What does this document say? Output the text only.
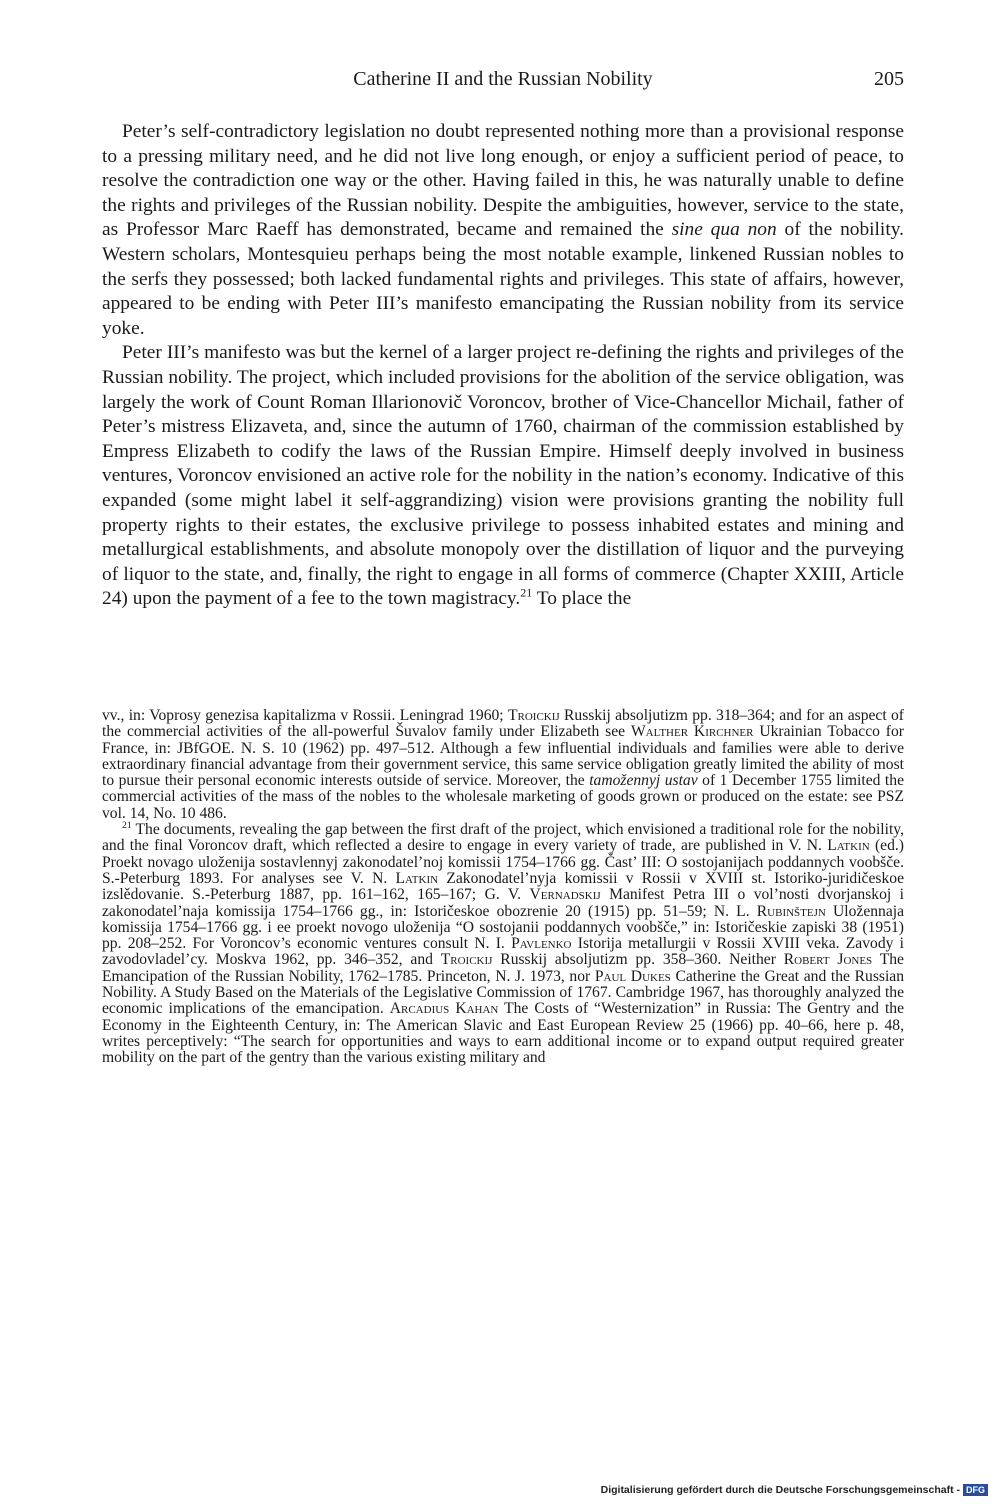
Catherine II and the Russian Nobility	205

Peter’s self-contradictory legislation no doubt represented nothing more than a provisional response to a pressing military need, and he did not live long enough, or enjoy a sufficient period of peace, to resolve the contradiction one way or the other. Having failed in this, he was naturally unable to define the rights and privileges of the Russian nobility. Despite the ambiguities, however, service to the state, as Professor Marc Raeff has demonstrated, became and remained the sine qua non of the nobility. Western scholars, Montesquieu perhaps being the most notable example, linkened Russian nobles to the serfs they possessed; both lacked fundamental rights and privileges. This state of affairs, however, appeared to be ending with Peter III’s manifesto emancipating the Russian nobility from its service yoke.

Peter III’s manifesto was but the kernel of a larger project re-defining the rights and privileges of the Russian nobility. The project, which included provisions for the abolition of the service obligation, was largely the work of Count Roman Illarionovič Voroncov, brother of Vice-Chancellor Michail, father of Peter’s mistress Elizaveta, and, since the autumn of 1760, chairman of the commission established by Empress Elizabeth to codify the laws of the Russian Empire. Himself deeply involved in business ventures, Voroncov envisioned an active role for the nobility in the nation’s economy. Indicative of this expanded (some might label it self-aggrandizing) vision were provisions granting the nobility full property rights to their estates, the exclusive privilege to possess inhabited estates and mining and metallurgical establishments, and absolute monopoly over the distillation of liquor and the purveying of liquor to the state, and, finally, the right to engage in all forms of commerce (Chapter XXIII, Article 24) upon the payment of a fee to the town magistracy.$^{21}$ To place the

vv., in: Voprosy genezisa kapitalizma v Rossii. Leningrad 1960; Troickij Russkij absoljutizm pp. 318–364; and for an aspect of the commercial activities of the all-powerful Šuvalov family under Elizabeth see Walther Kirchner Ukrainian Tobacco for France, in: JBfGOE. N. S. 10 (1962) pp. 497–512. Although a few influential individuals and families were able to derive extraordinary financial advantage from their government service, this same service obligation greatly limited the ability of most to pursue their personal economic interests outside of service. Moreover, the tamožennyj ustav of 1 December 1755 limited the commercial activities of the mass of the nobles to the wholesale marketing of goods grown or produced on the estate: see PSZ vol. 14, No. 10 486.

$^{21}$ The documents, revealing the gap between the first draft of the project, which envisioned a traditional role for the nobility, and the final Voroncov draft, which reflected a desire to engage in every variety of trade, are published in V. N. Latkin (ed.) Proekt novago uloženija sostavlennyj zakonodatel’noj komissii 1754–1766 gg. Čast’ III: O sostojanijach poddannych voobšče. S.-Peterburg 1893. For analyses see V. N. Latkin Zakonodatel’nyja komissii v Rossii v XVIII st. Istoriko-juridičeskoe izslědovanie. S.-Peterburg 1887, pp. 161–162, 165–167; G. V. Vernadskij Manifest Petra III o vol’nosti dvorjanskoj i zakonodatel’naja komissija 1754–1766 gg., in: Istoričeskoe obozrenie 20 (1915) pp. 51–59; N. L. Rubinštejn Uložennaja komissija 1754–1766 gg. i ee proekt novogo uloženija “O sostojanii poddannych voobšče,” in: Istoričeskie zapiski 38 (1951) pp. 208–252. For Voroncov’s economic ventures consult N. I. Pavlenko Istorija metallurgii v Rossii XVIII veka. Zavody i zavodovladel’cy. Moskva 1962, pp. 346–352, and Troickij Russkij absoljutizm pp. 358–360. Neither Robert Jones The Emancipation of the Russian Nobility, 1762–1785. Princeton, N. J. 1973, nor Paul Dukes Catherine the Great and the Russian Nobility. A Study Based on the Materials of the Legislative Commission of 1767. Cambridge 1967, has thoroughly analyzed the economic implications of the emancipation. Arcadius Kahan The Costs of “Westernization” in Russia: The Gentry and the Economy in the Eighteenth Century, in: The American Slavic and East European Review 25 (1966) pp. 40–66, here p. 48, writes perceptively: “The search for opportunities and ways to earn additional income or to expand output required greater mobility on the part of the gentry than the various existing military and

Digitalisierung gefördert durch die Deutsche Forschungsgemeinschaft - DFG
